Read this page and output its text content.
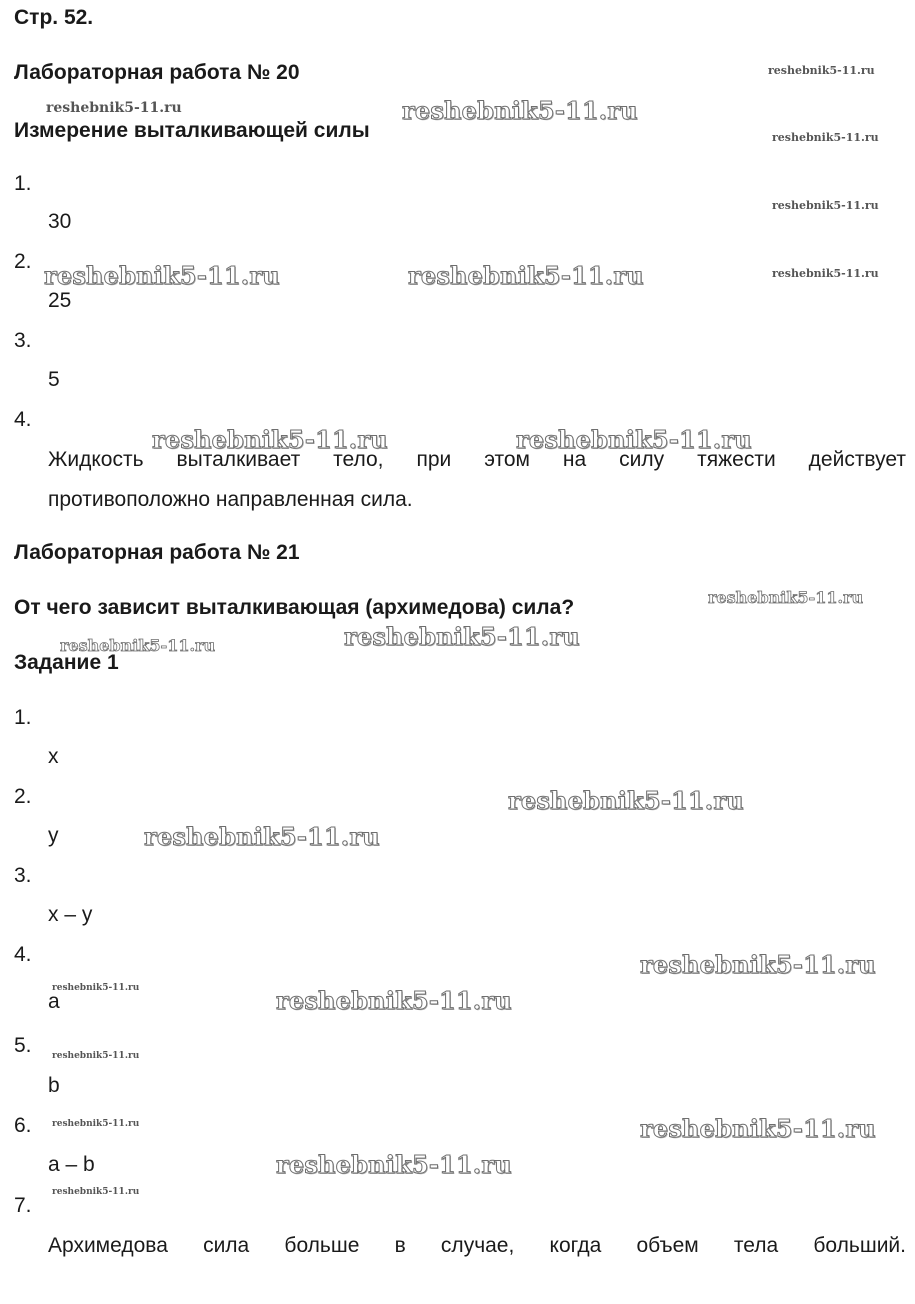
Стр. 52.
Лабораторная работа № 20
Измерение выталкивающей силы
1.
30
2.
25
3.
5
4.
Жидкость выталкивает тело, при этом на силу тяжести действует
противоположно направленная сила.
Лабораторная работа № 21
От чего зависит выталкивающая (архимедова) сила?
Задание 1
1.
x
2.
y
3.
x – y
4.
a
5.
b
6.
a – b
7.
Архимедова сила больше в случае, когда объем тела больший.
reshebnik5-11.ru
reshebnik5-11.ru	reshebnik5-11.ru
reshebnik5-11.ru
reshebnik5-11.ru
reshebnik5-11.ru	reshebnik5-11.ru	reshebnik5-11.ru
reshebnik5-11.ru	reshebnik5-11.ru
reshebnik5-11.ru
reshebnik5-11.ru
reshebnik5-11.ru
reshebnik5-11.ru
reshebnik5-11.ru
reshebnik5-11.ru
reshebnik5-11.ru	reshebnik5-11.ru
reshebnik5-11.ru
reshebnik5-11.ru	reshebnik5-11.ru
reshebnik5-11.ru
reshebnik5-11.ru
